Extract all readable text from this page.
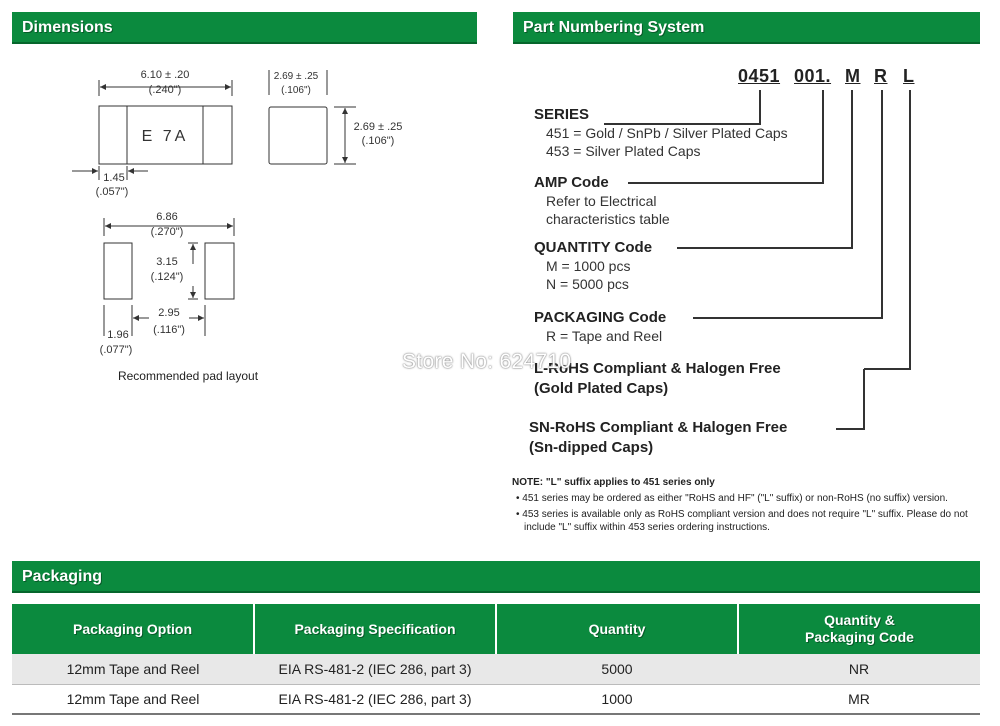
Dimensions	Part Numbering System
6.10 ± .20
(.240")
E 7A
1.45
(.057")
2.69 ± .25
(.106")
2.69 ± .25
(.106")
6.86
(.270")
3.15
(.124")
2.95
(.116")
1.96
(.077")
Recommended pad layout
0451 001. M R L
SERIES
451 = Gold / SnPb / Silver Plated Caps
453 = Silver Plated Caps
AMP Code
Refer to Electrical
characteristics table
QUANTITY Code
M = 1000 pcs
N = 5000 pcs
PACKAGING Code
R = Tape and Reel
L-RoHS Compliant & Halogen Free
(Gold Plated Caps)
SN-RoHS Compliant & Halogen Free
(Sn-dipped Caps)
NOTE: "L" suffix applies to 451 series only
• 451 series may be ordered as either "RoHS and HF" ("L" suffix) or non-RoHS (no suffix) version.
• 453 series is available only as RoHS compliant version and does not require "L" suffix. Please do not include "L" suffix within 453 series ordering instructions.
Store No: 624710
Packaging
Packaging Option	Packaging Specification	Quantity	Quantity &
Packaging Code
12mm Tape and Reel	EIA RS-481-2 (IEC 286, part 3)	5000	NR
12mm Tape and Reel	EIA RS-481-2 (IEC 286, part 3)	1000	MR
